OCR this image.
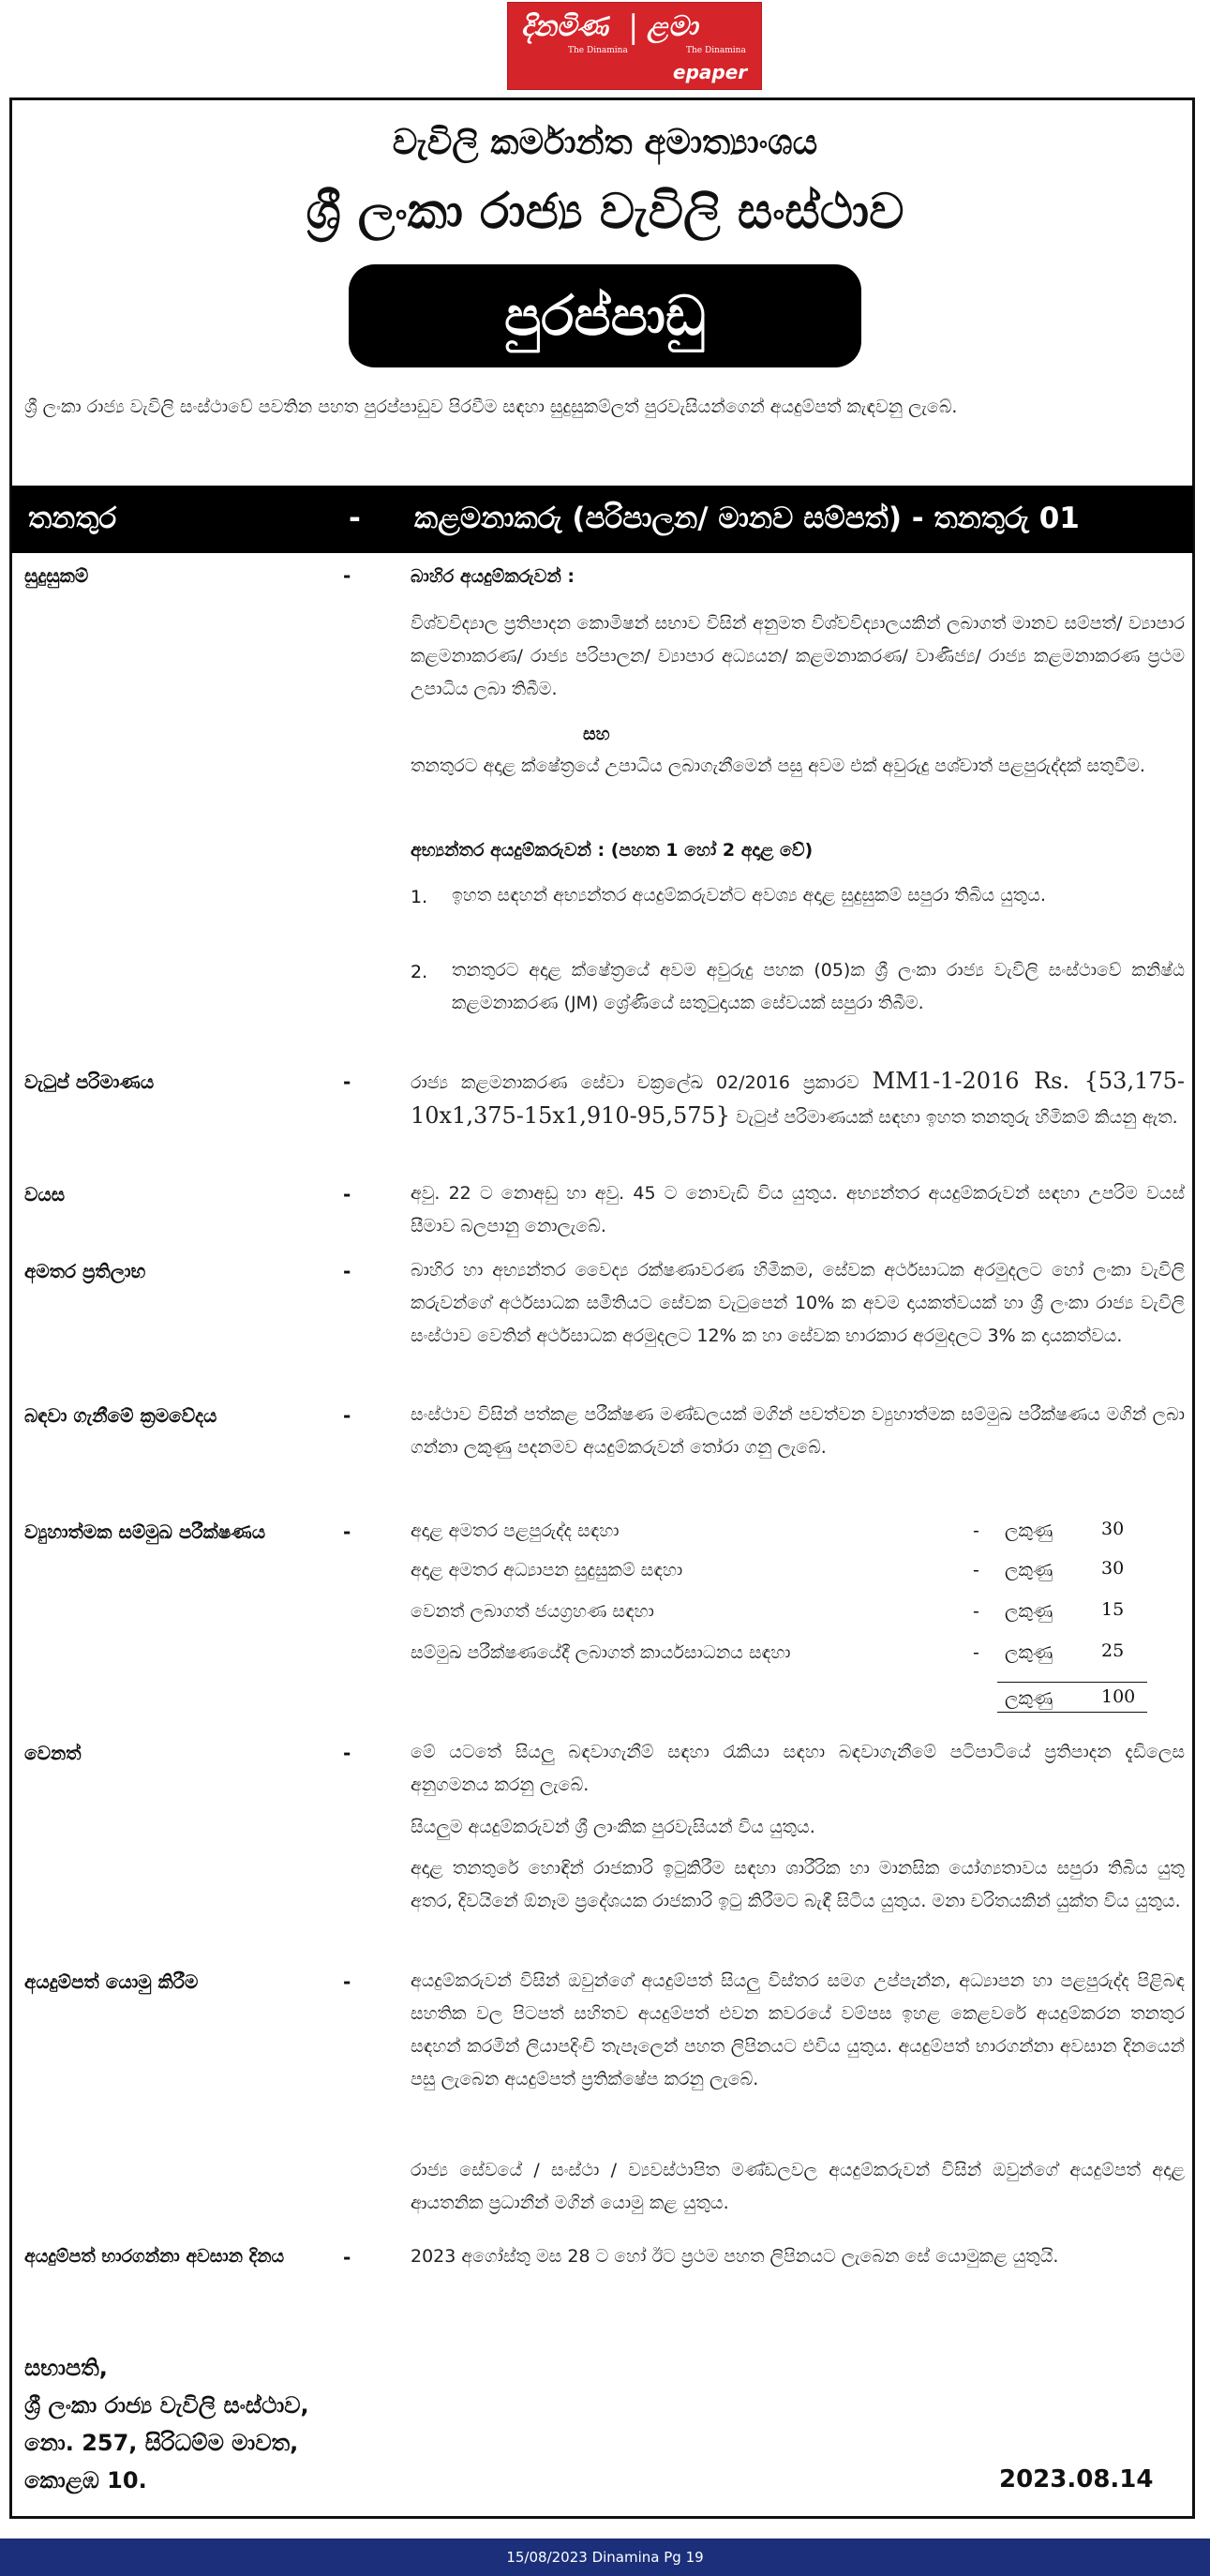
දිනමිණ
The Dinamina
| ළමා
The Dinamina
epaper
වැවිලි කර්මාන්ත අමාත්‍යාංශය
ශ්‍රී ලංකා රාජ්‍ය වැවිලි සංස්ථාව
පුරප්පාඩු
ශ්‍රී ලංකා රාජ්‍ය වැවිලි සංස්ථාවේ පවතින පහත පුරප්පාඩුව පිරවීම සඳහා සුදුසුකම්ලත් පුරවැසියන්ගෙන් අයදුම්පත් කැඳවනු ලැබේ.
තනතුර	- කළමනාකරු (පරිපාලන/ මානව සම්පත්) - තනතුරු 01
සුදුසුකම්	-	බාහිර අයදුම්කරුවන් :
විශ්වවිද්‍යාල ප්‍රතිපාදන කොමිෂන් සභාව විසින් අනුමත විශ්වවිද්‍යාලයකින් ලබාගත් මානව සම්පත්/ ව්‍යාපාර කළමනාකරණ/ රාජ්‍ය පරිපාලන/ ව්‍යාපාර අධ්‍යයන/ කළමනාකරණ/ වාණිජ්‍ය/ රාජ්‍ය කළමනාකරණ ප්‍රථම උපාධිය ලබා තිබීම.
සහ
තනතුරට අදාළ ක්ෂේත්‍රයේ උපාධිය ලබාගැනීමෙන් පසු අවම එක් අවුරුදු පශ්චාත් පළපුරුද්දක් සතුවීම.
අභ්‍යන්තර අයදුම්කරුවන් : (පහත 1 හෝ 2 අදාළ වේ)
1. ඉහත සඳහන් අභ්‍යන්තර අයදුම්කරුවන්ට අවශ්‍ය අදාළ සුදුසුකම් සපුරා තිබිය යුතුය.
2. තනතුරට අදාළ ක්ෂේත්‍රයේ අවම අවුරුදු පහක (05)ක ශ්‍රී ලංකා රාජ්‍ය වැවිලි සංස්ථාවේ කනිෂ්ඨ කළමනාකරණ (JM) ශ්‍රේණියේ සතුටුදායක සේවයක් සපුරා තිබීම.
වැටුප් පරිමාණය	-	රාජ්‍ය කළමනාකරණ සේවා චක්‍රලේඛ 02/2016 ප්‍රකාරව MM1-1-2016 Rs. {53,175-10x1,375-15x1,910-95,575} වැටුප් පරිමාණයක් සඳහා ඉහත තනතුරු හිමිකම් කියනු ඇත.
වයස	-	අවු. 22 ට නොඅඩු හා අවු. 45 ට නොවැඩි විය යුතුය. අභ්‍යන්තර අයදුම්කරුවන් සඳහා උපරිම වයස් සීමාව බලපානු නොලැබේ.
අමතර ප්‍රතිලාභ	-	බාහිර හා අභ්‍යන්තර වෛද්‍ය රක්ෂණාවරණ හිමිකම, සේවක අර්ථසාධක අරමුදලට හෝ ලංකා වැවිලි කරුවන්ගේ අර්ථසාධක සමිතියට සේවක වැටුපෙන් 10% ක අවම දායකත්වයක් හා ශ්‍රී ලංකා රාජ්‍ය වැවිලි සංස්ථාව වෙතින් අර්ථසාධක අරමුදලට 12% ක හා සේවක භාරකාර අරමුදලට 3% ක දායකත්වය.
බඳවා ගැනීමේ ක්‍රමවේදය	-	සංස්ථාව විසින් පත්කළ පරීක්ෂණ මණ්ඩලයක් මගින් පවත්වන ව්‍යුහාත්මක සම්මුඛ පරීක්ෂණය මගින් ලබා ගන්නා ලකුණු පදනමව අයදුම්කරුවන් තෝරා ගනු ලැබේ.
ව්‍යුහාත්මක සම්මුඛ පරීක්ෂණය	-	අදාළ අමතර පළපුරුද්ද සඳහා	- ලකුණු	30
අදාළ අමතර අධ්‍යාපන සුදුසුකම් සඳහා	- ලකුණු	30
වෙනත් ලබාගත් ජයග්‍රහණ සඳහා	- ලකුණු	15
සම්මුඛ පරීක්ෂණයේදී ලබාගත් කාර්යසාධනය සඳහා	- ලකුණු	25
ලකුණු	100
වෙනත්	-	මේ යටතේ සියලු බඳවාගැනීම් සඳහා රැකියා සඳහා බඳවාගැනීමේ පටිපාටියේ ප්‍රතිපාදන දැඩිලෙස අනුගමනය කරනු ලැබේ.
සියලුම අයදුම්කරුවන් ශ්‍රී ලාංකික පුරවැසියන් විය යුතුය.
අදාළ තනතුරේ හොඳින් රාජකාරි ඉටුකිරීම සඳහා ශාරීරික හා මානසික යෝග්‍යතාවය සපුරා තිබිය යුතු අතර, දිවයිනේ ඕනෑම ප්‍රදේශයක රාජකාරි ඉටු කිරීමට බැඳී සිටිය යුතුය. මනා චරිතයකින් යුක්ත විය යුතුය.
අයදුම්පත් යොමු කිරීම	-	අයදුම්කරුවන් විසින් ඔවුන්ගේ අයදුම්පත් සියලු විස්තර සමග උප්පැන්න, අධ්‍යාපන හා පළපුරුද්ද පිළිබඳ සහතික වල පිටපත් සහිතව අයදුම්පත් එවන කවරයේ වම්පස ඉහළ කෙළවරේ අයදුම්කරන තනතුර සඳහන් කරමින් ලියාපදිංචි තැපෑලෙන් පහත ලිපිනයට එවිය යුතුය. අයදුම්පත් භාරගන්නා අවසාන දිනයෙන් පසු ලැබෙන අයදුම්පත් ප්‍රතික්ෂේප කරනු ලැබේ.
රාජ්‍ය සේවයේ / සංස්ථා / ව්‍යවස්ථාපිත මණ්ඩලවල අයදුම්කරුවන් විසින් ඔවුන්ගේ අයදුම්පත් අදාළ ආයතනික ප්‍රධානීන් මගින් යොමු කළ යුතුය.
අයදුම්පත් භාරගන්නා අවසාන දිනය	-	2023 අගෝස්තු මස 28 ට හෝ ඊට ප්‍රථම පහත ලිපිනයට ලැබෙන සේ යොමුකළ යුතුයි.
සභාපති,
ශ්‍රී ලංකා රාජ්‍ය වැවිලි සංස්ථාව,
නො. 257, සිරිධම්ම මාවත,
කොළඹ 10.	2023.08.14
15/08/2023 Dinamina Pg 19
